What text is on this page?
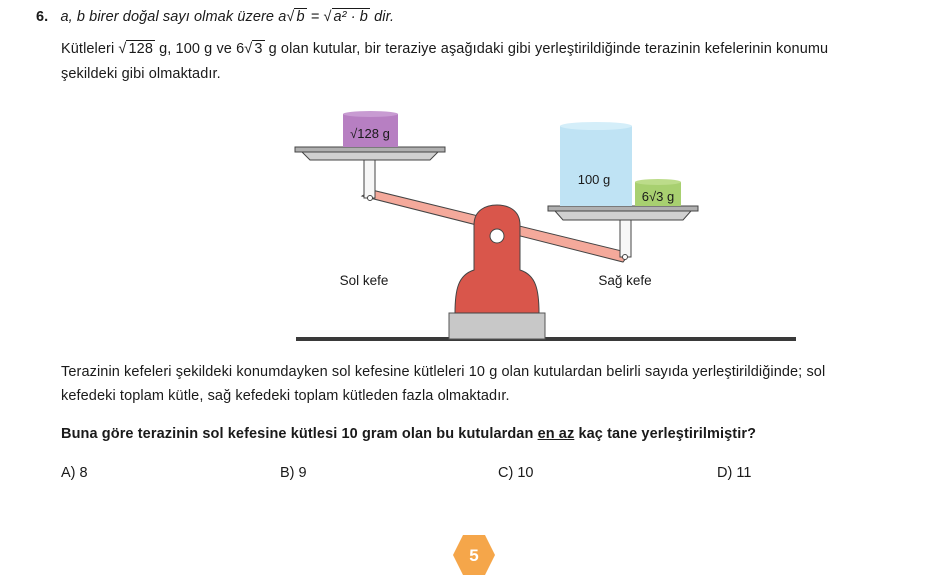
6. a, b birer doğal sayı olmak üzere a√ b = √ a² · b dir.
Kütleleri √ 128 g, 100 g ve 6√ 3 g olan kutular, bir teraziye aşağıdaki gibi yerleştirildiğinde terazinin kefelerinin konumu
şekildeki gibi olmaktadır.
√128 g
100 g
6√3 g
Sol kefe	Sağ kefe
Terazinin kefeleri şekildeki konumdayken sol kefesine kütleleri 10 g olan kutulardan belirli sayıda yerleştirildiğinde; sol
kefedeki toplam kütle, sağ kefedeki toplam kütleden fazla olmaktadır.
Buna göre terazinin sol kefesine kütlesi 10 gram olan bu kutulardan en az kaç tane yerleştirilmiştir?
A) 8	B) 9	C) 10	D) 11
5
